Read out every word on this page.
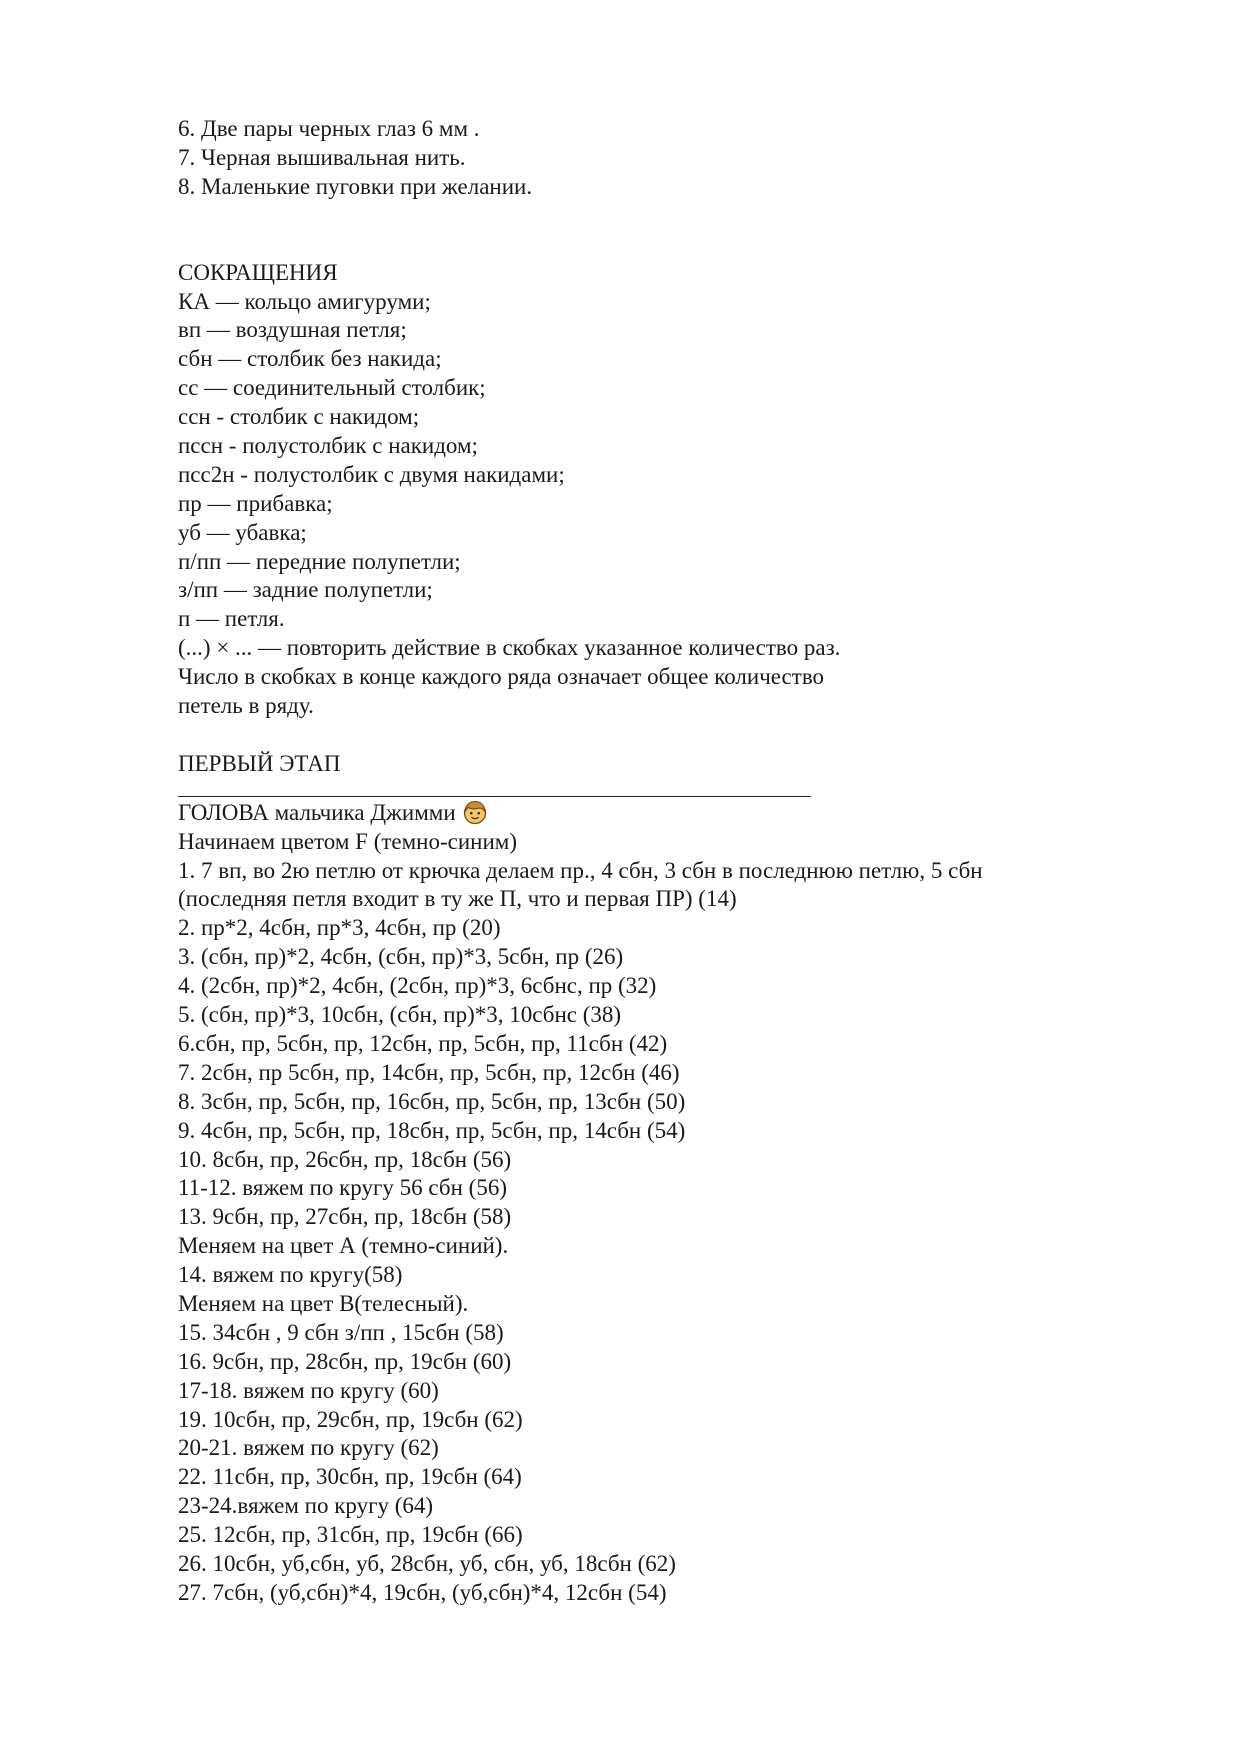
6. Две пары черных глаз 6 мм .
7. Черная вышивальная нить.
8. Маленькие пуговки при желании.
СОКРАЩЕНИЯ
КА — кольцо амигуруми;
вп — воздушная петля;
сбн — столбик без накида;
сс — соединительный столбик;
ссн - столбик с накидом;
пссн - полустолбик с накидом;
псс2н - полустолбик с двумя накидами;
пр — прибавка;
уб — убавка;
п/пп — передние полупетли;
з/пп — задние полупетли;
п — петля.
(...) × ... — повторить действие в скобках указанное количество раз.
Число в скобках в конце каждого ряда означает общее количество
петель в ряду.
ПЕРВЫЙ ЭТАП
ГОЛОВА мальчика Джимми
Начинаем цветом F (темно-синим)
1. 7 вп, во 2ю петлю от крючка делаем пр., 4 сбн, 3 сбн в последнюю петлю, 5 сбн
(последняя петля входит в ту же П, что и первая ПР) (14)
2. пр*2, 4сбн, пр*3, 4сбн, пр (20)
3. (сбн, пр)*2, 4сбн, (сбн, пр)*3, 5сбн, пр (26)
4. (2сбн, пр)*2, 4сбн, (2сбн, пр)*3, 6сбнс, пр (32)
5. (сбн, пр)*3, 10сбн, (сбн, пр)*3, 10сбнс (38)
6.сбн, пр, 5сбн, пр, 12сбн, пр, 5сбн, пр, 11сбн (42)
7. 2сбн, пр 5сбн, пр, 14сбн, пр, 5сбн, пр, 12сбн (46)
8. 3сбн, пр, 5сбн, пр, 16сбн, пр, 5сбн, пр, 13сбн (50)
9. 4сбн, пр, 5сбн, пр, 18сбн, пр, 5сбн, пр, 14сбн (54)
10. 8сбн, пр, 26сбн, пр, 18сбн (56)
11-12. вяжем по кругу 56 сбн (56)
13. 9сбн, пр, 27сбн, пр, 18сбн (58)
Меняем на цвет А (темно-синий).
14. вяжем по кругу(58)
Меняем на цвет В(телесный).
15. 34сбн , 9 сбн з/пп , 15сбн (58)
16. 9сбн, пр, 28сбн, пр, 19сбн (60)
17-18. вяжем по кругу (60)
19. 10сбн, пр, 29сбн, пр, 19сбн (62)
20-21. вяжем по кругу (62)
22. 11сбн, пр, 30сбн, пр, 19сбн (64)
23-24.вяжем по кругу (64)
25. 12сбн, пр, 31сбн, пр, 19сбн (66)
26. 10сбн, уб,сбн, уб, 28сбн, уб, сбн, уб, 18сбн (62)
27. 7сбн, (уб,сбн)*4, 19сбн, (уб,сбн)*4, 12сбн (54)
